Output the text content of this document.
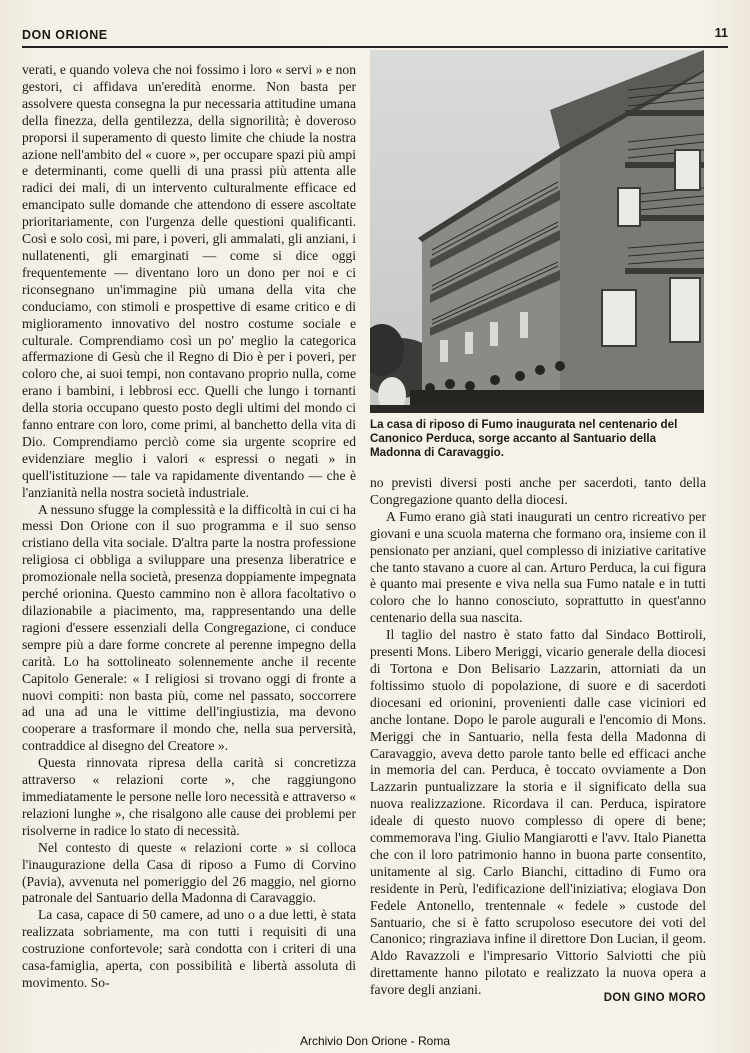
DON ORIONE	11

verati, e quando voleva che noi fossimo i loro « servi » e non gestori, ci affidava un'eredità enorme. Non basta per assolvere questa consegna la pur necessaria attitudine umana della finezza, della gentilezza, della signorilità; è doveroso proporsi il superamento di questo limite che chiude la nostra azione nell'ambito del « cuore », per occupare spazi più ampi e determinanti, come quelli di una prassi più attenta alle radici dei mali, di un intervento culturalmente efficace ed emancipato sulle domande che attendono di essere ascoltate prioritariamente, con l'urgenza delle questioni qualificanti. Così e solo così, mi pare, i poveri, gli ammalati, gli anziani, i nullatenenti, gli emarginati — come si dice oggi frequentemente — diventano loro un dono per noi e ci riconsegnano un'immagine più umana della vita che conduciamo, con stimoli e prospettive di esame critico e di miglioramento innovativo del nostro costume sociale e culturale. Comprendiamo così un po' meglio la categorica affermazione di Gesù che il Regno di Dio è per i poveri, per coloro che, ai suoi tempi, non contavano proprio nulla, come erano i bambini, i lebbrosi ecc. Quelli che lungo i tornanti della storia occupano questo posto degli ultimi del mondo ci fanno entrare con loro, come primi, al banchetto della vita di Dio. Comprendiamo perciò come sia urgente scoprire ed evidenziare meglio i valori « espressi o negati » in quell'istituzione — tale va rapidamente diventando — che è l'anzianità nella nostra società industriale.

A nessuno sfugge la complessità e la difficoltà in cui ci ha messi Don Orione con il suo programma e il suo senso cristiano della vita sociale. D'altra parte la nostra professione religiosa ci obbliga a sviluppare una presenza liberatrice e promozionale nella società, presenza doppiamente impegnata perché orionina. Questo cammino non è allora facoltativo o dilazionabile a piacimento, ma, rappresentando una delle ragioni d'essere essenziali della Congregazione, ci conduce sempre più a dare forme concrete al perenne impegno della carità. Lo ha sottolineato solennemente anche il recente Capitolo Generale: « I religiosi si trovano oggi di fronte a nuovi compiti: non basta più, come nel passato, soccorrere ad una ad una le vittime dell'ingiustizia, ma devono cooperare a trasformare il mondo che, nella sua perversità, contraddice al disegno del Creatore ».

Questa rinnovata ripresa della carità si concretizza attraverso « relazioni corte », che raggiungono immediatamente le persone nelle loro necessità e attraverso « relazioni lunghe », che risalgono alle cause dei problemi per risolverne in radice lo stato di necessità.

Nel contesto di queste « relazioni corte » si colloca l'inaugurazione della Casa di riposo a Fumo di Corvino (Pavia), avvenuta nel pomeriggio del 26 maggio, nel giorno patronale del Santuario della Madonna di Caravaggio.

La casa, capace di 50 camere, ad uno o a due letti, è stata realizzata sobriamente, ma con tutti i requisiti di una costruzione confortevole; sarà condotta con i criteri di una casa-famiglia, aperta, con possibilità e libertà assoluta di movimento. So-

La casa di riposo di Fumo inaugurata nel centenario del Canonico Perduca, sorge accanto al Santuario della Madonna di Caravaggio.

no previsti diversi posti anche per sacerdoti, tanto della Congregazione quanto della diocesi.

A Fumo erano già stati inaugurati un centro ricreativo per giovani e una scuola materna che formano ora, insieme con il pensionato per anziani, quel complesso di iniziative caritative che tanto stavano a cuore al can. Arturo Perduca, la cui figura è quanto mai presente e viva nella sua Fumo natale e in tutti coloro che lo hanno conosciuto, soprattutto in quest'anno centenario della sua nascita.

Il taglio del nastro è stato fatto dal Sindaco Bottiroli, presenti Mons. Libero Meriggi, vicario generale della diocesi di Tortona e Don Belisario Lazzarin, attorniati da un foltissimo stuolo di popolazione, di suore e di sacerdoti diocesani ed orionini, provenienti dalle case viciniori ed anche lontane. Dopo le parole augurali e l'encomio di Mons. Meriggi che in Santuario, nella festa della Madonna di Caravaggio, aveva detto parole tanto belle ed efficaci anche in memoria del can. Perduca, è toccato ovviamente a Don Lazzarin puntualizzare la storia e il significato della sua nuova realizzazione. Ricordava il can. Perduca, ispiratore ideale di questo nuovo complesso di opere di bene; commemorava l'ing. Giulio Mangiarotti e l'avv. Italo Pianetta che con il loro patrimonio hanno in buona parte consentito, unitamente al sig. Carlo Bianchi, cittadino di Fumo ora residente in Perù, l'edificazione dell'iniziativa; elogiava Don Fedele Antonello, trentennale « fedele » custode del Santuario, che si è fatto scrupoloso esecutore dei voti del Canonico; ringraziava infine il direttore Don Lucian, il geom. Aldo Ravazzoli e l'impresario Vittorio Salviotti che più direttamente hanno pilotato e realizzato la nuova opera a favore degli anziani.

DON GINO MORO
Archivio Don Orione - Roma
